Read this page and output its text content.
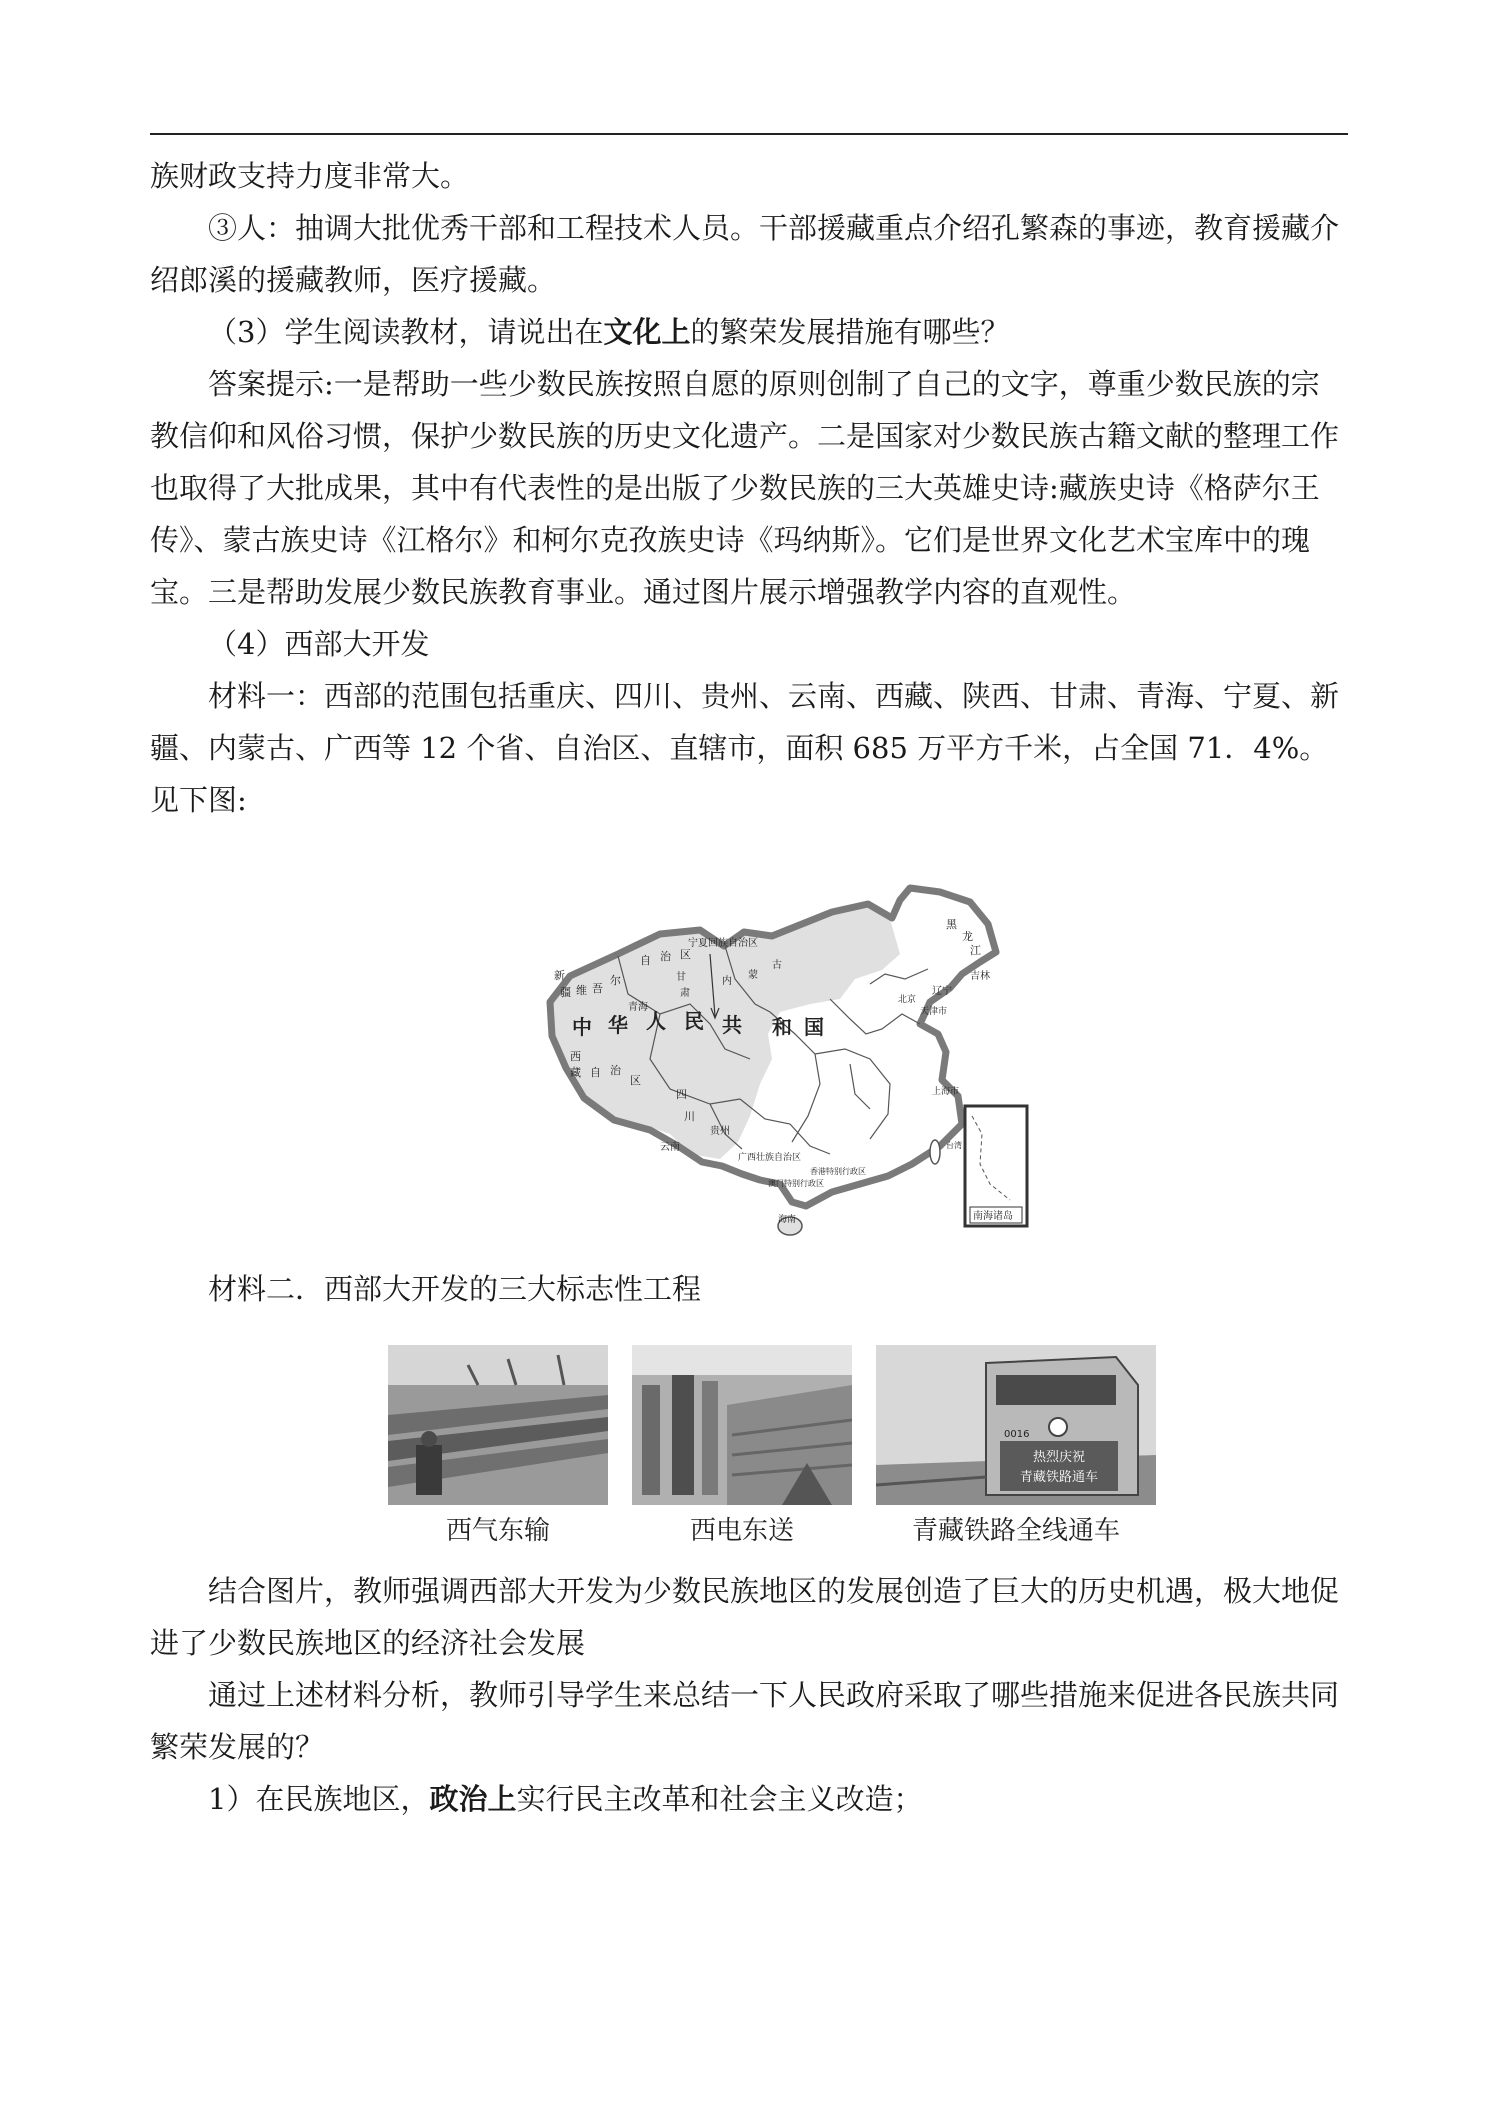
族财政支持力度非常大。

③人：抽调大批优秀干部和工程技术人员。干部援藏重点介绍孔繁森的事迹，教育援藏介绍郎溪的援藏教师，医疗援藏。

（3）学生阅读教材，请说出在文化上的繁荣发展措施有哪些？

答案提示:一是帮助一些少数民族按照自愿的原则创制了自己的文字，尊重少数民族的宗教信仰和风俗习惯，保护少数民族的历史文化遗产。二是国家对少数民族古籍文献的整理工作也取得了大批成果，其中有代表性的是出版了少数民族的三大英雄史诗:藏族史诗《格萨尔王传》、蒙古族史诗《江格尔》和柯尔克孜族史诗《玛纳斯》。它们是世界文化艺术宝库中的瑰宝。三是帮助发展少数民族教育事业。通过图片展示增强教学内容的直观性。

（4）西部大开发

材料一：西部的范围包括重庆、四川、贵州、云南、西藏、陕西、甘肃、青海、宁夏、新疆、内蒙古、广西等 12 个省、自治区、直辖市，面积 685 万平方千米，占全国 71．4%。见下图:

宁夏回族自治区
黑
龙
江
吉林
辽宁
北京
天津市
上海市
新
疆 维 吾
尔
自 治 区
甘
肃
内
蒙
古
青海
西
藏 自 治
区
中 华 人 民 共 和 国
四
川
云南
贵州
广西壮族自治区
海南
香港特别行政区
澳门特别行政区
台湾
南海诸岛

材料二．西部大开发的三大标志性工程

西气东输	西电东送
热烈庆祝
青藏铁路通车
0016
青藏铁路全线通车

结合图片，教师强调西部大开发为少数民族地区的发展创造了巨大的历史机遇，极大地促进了少数民族地区的经济社会发展

通过上述材料分析，教师引导学生来总结一下人民政府采取了哪些措施来促进各民族共同繁荣发展的？

1）在民族地区，政治上实行民主改革和社会主义改造；
